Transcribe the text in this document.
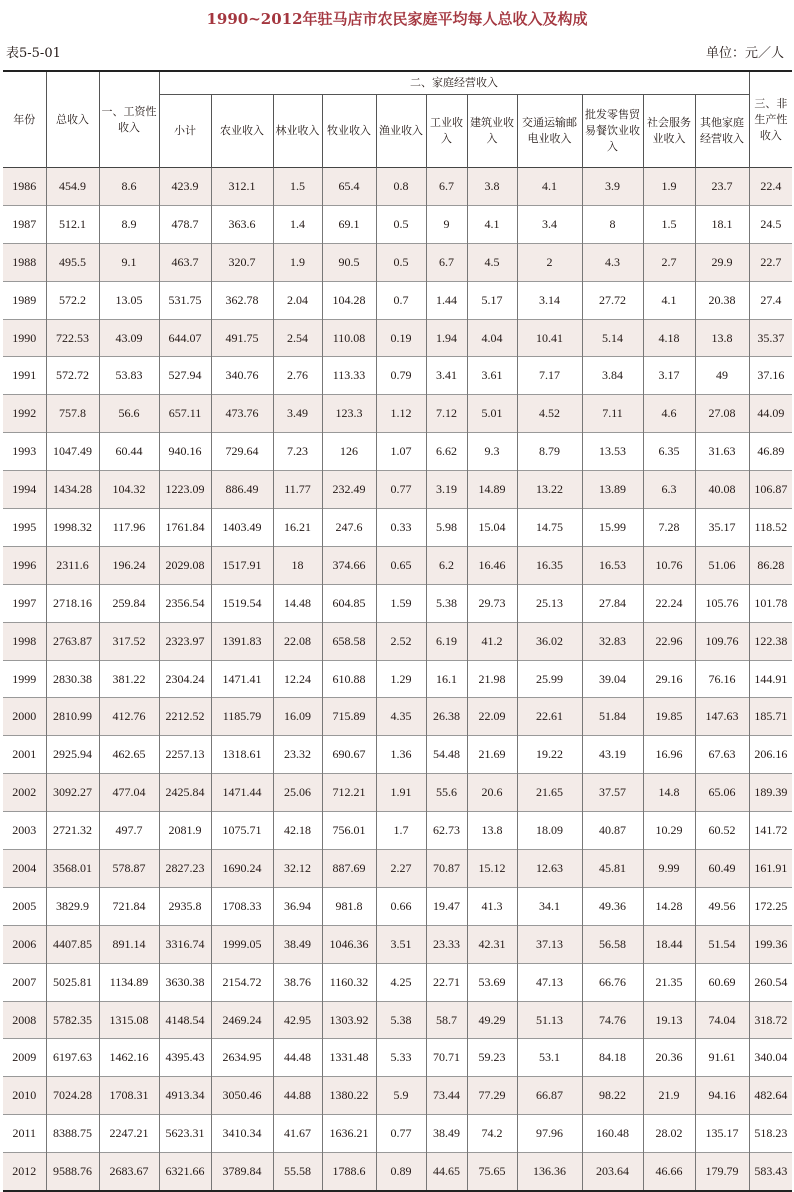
1990~2012年驻马店市农民家庭平均每人总收入及构成
表5-5-01	单位：元／人
年份	总收入	一、工资性收入	二、家庭经营收入											三、非生产性收入
			小计	农业收入	林业收入	牧业收入	渔业收入	工业收入	建筑业收入	交通运输邮电业收入	批发零售贸易餐饮业收入	社会服务业收入	其他家庭经营收入	
1986	454.9	8.6	423.9	312.1	1.5	65.4	0.8	6.7	3.8	4.1	3.9	1.9	23.7	22.4
1987	512.1	8.9	478.7	363.6	1.4	69.1	0.5	9	4.1	3.4	8	1.5	18.1	24.5
1988	495.5	9.1	463.7	320.7	1.9	90.5	0.5	6.7	4.5	2	4.3	2.7	29.9	22.7
1989	572.2	13.05	531.75	362.78	2.04	104.28	0.7	1.44	5.17	3.14	27.72	4.1	20.38	27.4
1990	722.53	43.09	644.07	491.75	2.54	110.08	0.19	1.94	4.04	10.41	5.14	4.18	13.8	35.37
1991	572.72	53.83	527.94	340.76	2.76	113.33	0.79	3.41	3.61	7.17	3.84	3.17	49	37.16
1992	757.8	56.6	657.11	473.76	3.49	123.3	1.12	7.12	5.01	4.52	7.11	4.6	27.08	44.09
1993	1047.49	60.44	940.16	729.64	7.23	126	1.07	6.62	9.3	8.79	13.53	6.35	31.63	46.89
1994	1434.28	104.32	1223.09	886.49	11.77	232.49	0.77	3.19	14.89	13.22	13.89	6.3	40.08	106.87
1995	1998.32	117.96	1761.84	1403.49	16.21	247.6	0.33	5.98	15.04	14.75	15.99	7.28	35.17	118.52
1996	2311.6	196.24	2029.08	1517.91	18	374.66	0.65	6.2	16.46	16.35	16.53	10.76	51.06	86.28
1997	2718.16	259.84	2356.54	1519.54	14.48	604.85	1.59	5.38	29.73	25.13	27.84	22.24	105.76	101.78
1998	2763.87	317.52	2323.97	1391.83	22.08	658.58	2.52	6.19	41.2	36.02	32.83	22.96	109.76	122.38
1999	2830.38	381.22	2304.24	1471.41	12.24	610.88	1.29	16.1	21.98	25.99	39.04	29.16	76.16	144.91
2000	2810.99	412.76	2212.52	1185.79	16.09	715.89	4.35	26.38	22.09	22.61	51.84	19.85	147.63	185.71
2001	2925.94	462.65	2257.13	1318.61	23.32	690.67	1.36	54.48	21.69	19.22	43.19	16.96	67.63	206.16
2002	3092.27	477.04	2425.84	1471.44	25.06	712.21	1.91	55.6	20.6	21.65	37.57	14.8	65.06	189.39
2003	2721.32	497.7	2081.9	1075.71	42.18	756.01	1.7	62.73	13.8	18.09	40.87	10.29	60.52	141.72
2004	3568.01	578.87	2827.23	1690.24	32.12	887.69	2.27	70.87	15.12	12.63	45.81	9.99	60.49	161.91
2005	3829.9	721.84	2935.8	1708.33	36.94	981.8	0.66	19.47	41.3	34.1	49.36	14.28	49.56	172.25
2006	4407.85	891.14	3316.74	1999.05	38.49	1046.36	3.51	23.33	42.31	37.13	56.58	18.44	51.54	199.36
2007	5025.81	1134.89	3630.38	2154.72	38.76	1160.32	4.25	22.71	53.69	47.13	66.76	21.35	60.69	260.54
2008	5782.35	1315.08	4148.54	2469.24	42.95	1303.92	5.38	58.7	49.29	51.13	74.76	19.13	74.04	318.72
2009	6197.63	1462.16	4395.43	2634.95	44.48	1331.48	5.33	70.71	59.23	53.1	84.18	20.36	91.61	340.04
2010	7024.28	1708.31	4913.34	3050.46	44.88	1380.22	5.9	73.44	77.29	66.87	98.22	21.9	94.16	482.64
2011	8388.75	2247.21	5623.31	3410.34	41.67	1636.21	0.77	38.49	74.2	97.96	160.48	28.02	135.17	518.23
2012	9588.76	2683.67	6321.66	3789.84	55.58	1788.6	0.89	44.65	75.65	136.36	203.64	46.66	179.79	583.43
